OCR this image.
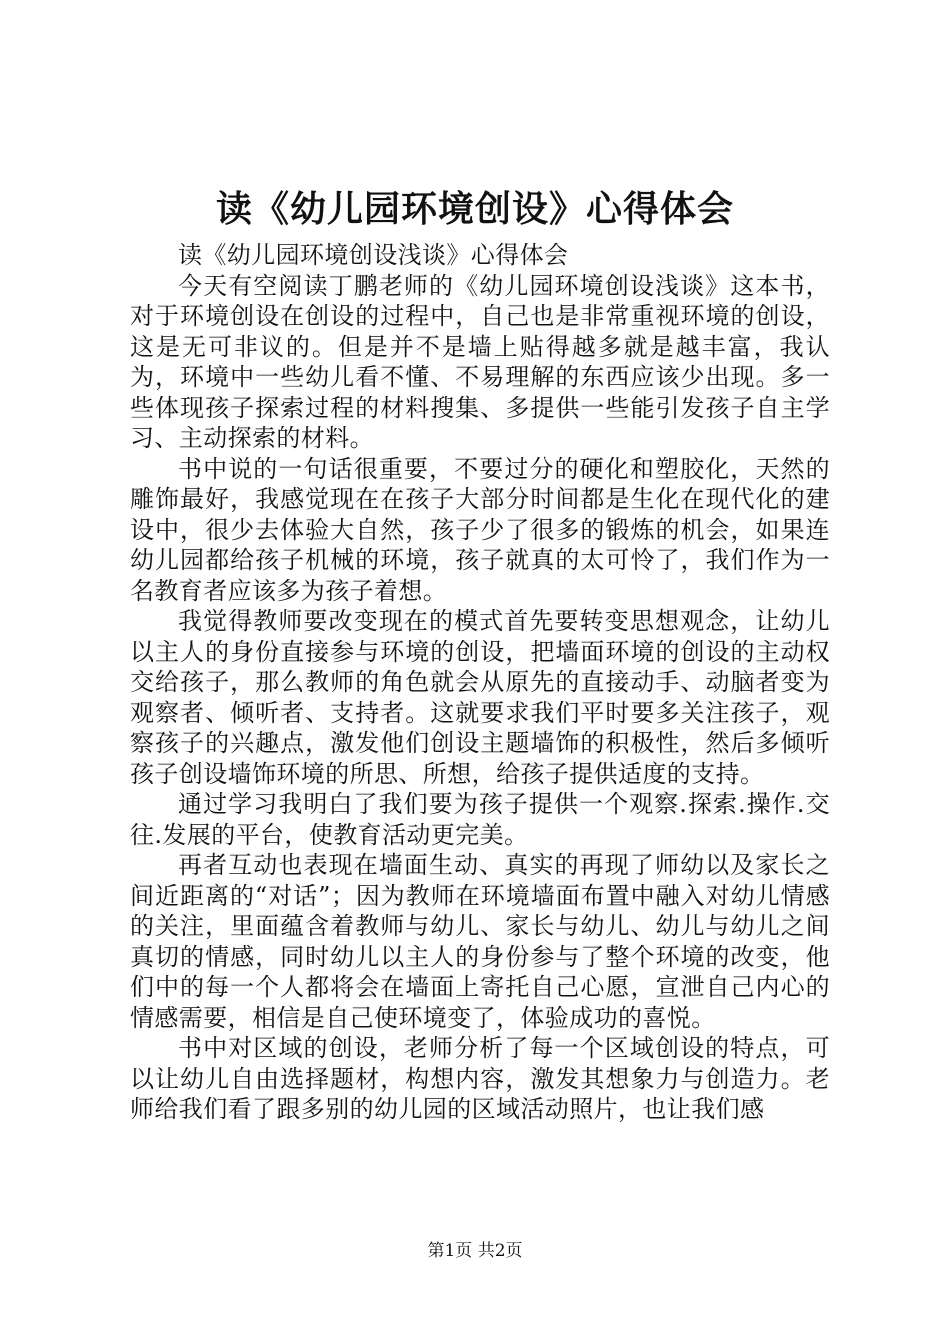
读《幼儿园环境创设》心得体会

读《幼儿园环境创设浅谈》心得体会

今天有空阅读丁鹏老师的《幼儿园环境创设浅谈》这本书，对于环境创设在创设的过程中，自己也是非常重视环境的创设，这是无可非议的。但是并不是墙上贴得越多就是越丰富，我认为，环境中一些幼儿看不懂、不易理解的东西应该少出现。多一些体现孩子探索过程的材料搜集、多提供一些能引发孩子自主学习、主动探索的材料。

书中说的一句话很重要，不要过分的硬化和塑胶化，天然的雕饰最好，我感觉现在在孩子大部分时间都是生化在现代化的建设中，很少去体验大自然，孩子少了很多的锻炼的机会，如果连幼儿园都给孩子机械的环境，孩子就真的太可怜了，我们作为一名教育者应该多为孩子着想。

我觉得教师要改变现在的模式首先要转变思想观念，让幼儿以主人的身份直接参与环境的创设，把墙面环境的创设的主动权交给孩子，那么教师的角色就会从原先的直接动手、动脑者变为观察者、倾听者、支持者。这就要求我们平时要多关注孩子，观察孩子的兴趣点，激发他们创设主题墙饰的积极性，然后多倾听孩子创设墙饰环境的所思、所想，给孩子提供适度的支持。

通过学习我明白了我们要为孩子提供一个观察.探索.操作.交往.发展的平台，使教育活动更完美。

再者互动也表现在墙面生动、真实的再现了师幼以及家长之间近距离的“对话”；因为教师在环境墙面布置中融入对幼儿情感的关注，里面蕴含着教师与幼儿、家长与幼儿、幼儿与幼儿之间真切的情感，同时幼儿以主人的身份参与了整个环境的改变，他们中的每一个人都将会在墙面上寄托自己心愿，宣泄自己内心的情感需要，相信是自己使环境变了，体验成功的喜悦。

书中对区域的创设，老师分析了每一个区域创设的特点，可以让幼儿自由选择题材，构想内容，激发其想象力与创造力。老师给我们看了跟多别的幼儿园的区域活动照片，也让我们感

第1页 共2页
